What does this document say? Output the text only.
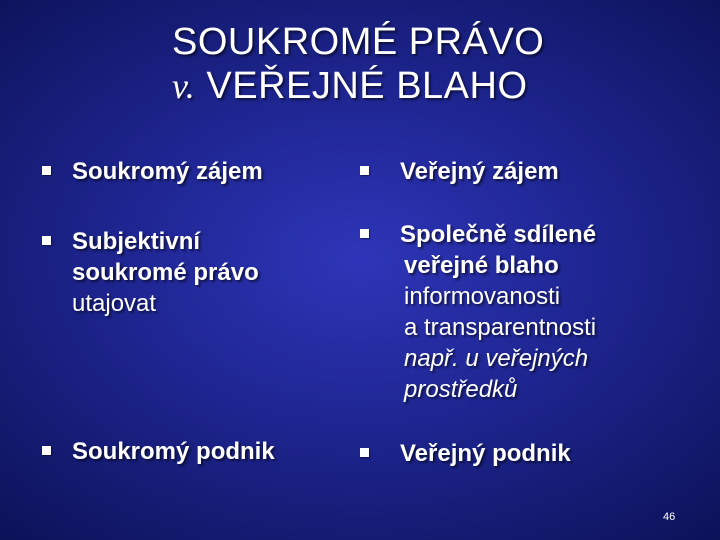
SOUKROMÉ PRÁVO
v. VEŘEJNÉ BLAHO
Soukromý zájem
Subjektivní
soukromé právo
utajovat
Soukromý podnik
Veřejný zájem
Společně sdílené
veřejné blaho
informovanosti
a transparentnosti
např. u veřejných
prostředků
Veřejný podnik
46
